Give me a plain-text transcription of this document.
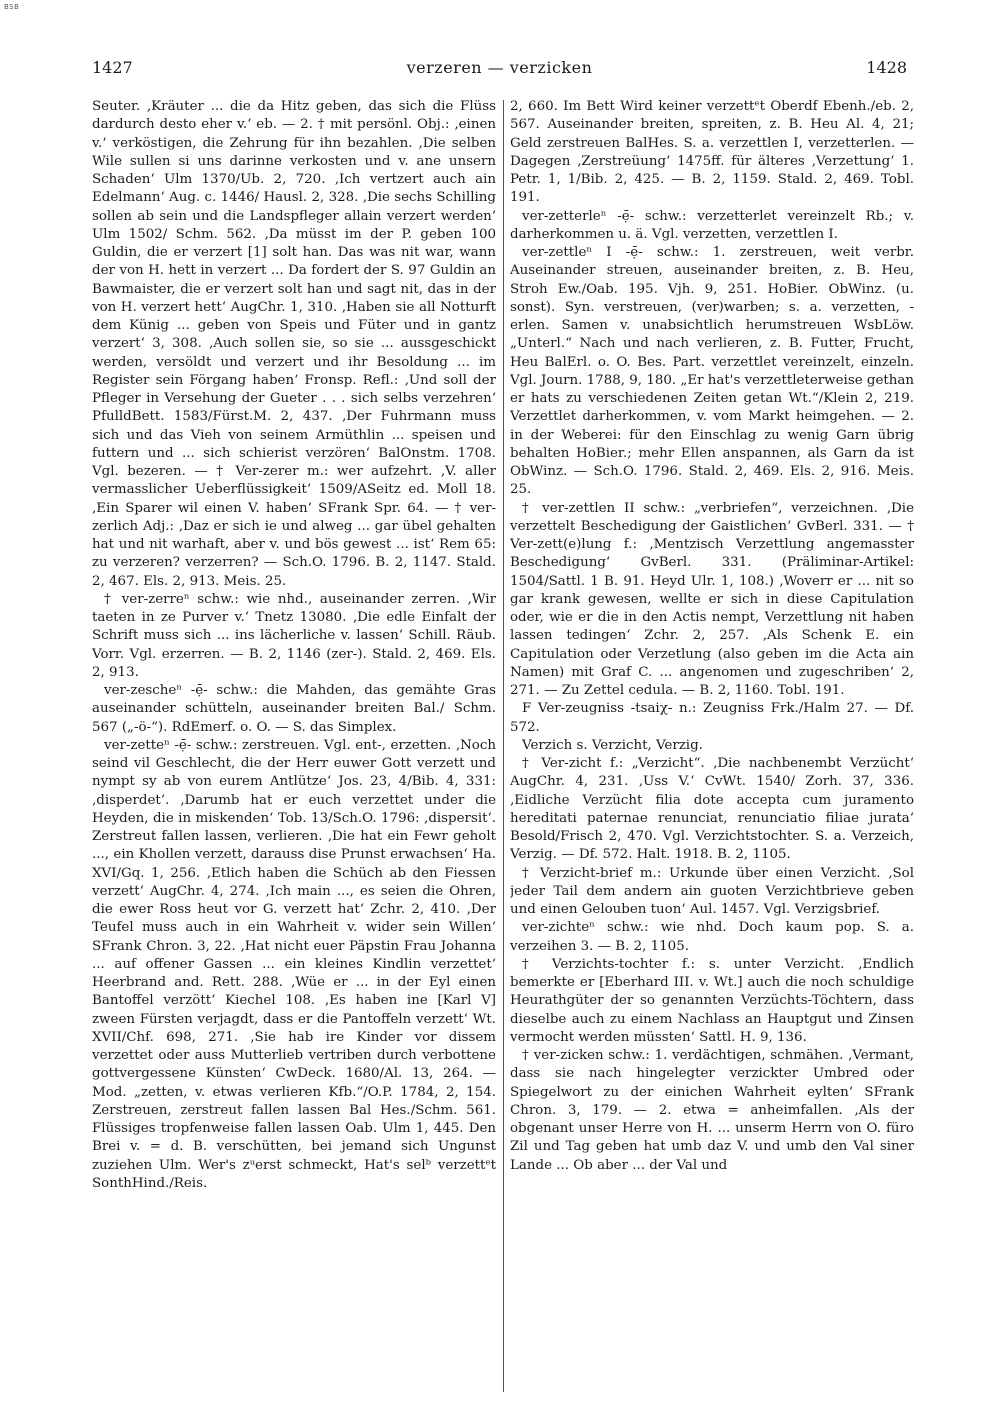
BSB
1427	verzeren — verzicken	1428

Seuter. ‚Kräuter ... die da Hitz geben, das sich die Flüss dardurch desto eher v.‘ eb. — 2. † mit persönl. Obj.: ‚einen v.‘ verköstigen, die Zehrung für ihn bezahlen. ‚Die selben Wile sullen si uns darinne verkosten und v. ane unsern Schaden‘ Ulm 1370/Ub. 2, 720. ‚Ich vertzert auch ain Edelmann‘ Aug. c. 1446/ Hausl. 2, 328. ‚Die sechs Schilling sollen ab sein und die Landspfleger allain verzert werden‘ Ulm 1502/ Schm. 562. ‚Da müsst im der P. geben 100 Guldin, die er verzert [1] solt han. Das was nit war, wann der von H. hett in verzert ... Da fordert der S. 97 Guldin an Bawmaister, die er verzert solt han und sagt nit, das in der von H. verzert hett‘ AugChr. 1, 310. ‚Haben sie all Notturft dem Künig ... geben von Speis und Füter und in gantz verzert‘ 3, 308. ‚Auch sollen sie, so sie ... aussgeschickt werden, versöldt und verzert und ihr Besoldung ... im Register sein Förgang haben‘ Fronsp. Refl.: ‚Und soll der Pfleger in Versehung der Gueter . . . sich selbs verzehren‘ PfulldBett. 1583/Fürst.M. 2, 437. ‚Der Fuhrmann muss sich und das Vieh von seinem Armüthlin ... speisen und futtern und ... sich schierist verzören‘ BalOnstm. 1708. Vgl. bezeren. — † Ver-zerer m.: wer aufzehrt. ‚V. aller vermasslicher Ueberflüssigkeit‘ 1509/ASeitz ed. Moll 18. ‚Ein Sparer wil einen V. haben‘ SFrank Spr. 64. — † ver-zerlich Adj.: ‚Daz er sich ie und alweg ... gar übel gehalten hat und nit warhaft, aber v. und bös gewest ... ist‘ Rem 65: zu verzeren? verzerren? — Sch.O. 1796. B. 2, 1147. Stald. 2, 467. Els. 2, 913. Meis. 25.

† ver-zerreⁿ schw.: wie nhd., auseinander zerren. ‚Wir taeten in ze Purver v.‘ Tnetz 13080. ‚Die edle Einfalt der Schrift muss sich ... ins lächerliche v. lassen‘ Schill. Räub. Vorr. Vgl. erzerren. — B. 2, 1146 (zer-). Stald. 2, 469. Els. 2, 913.

ver-zescheⁿ -ẹ̄- schw.: die Mahden, das gemähte Gras auseinander schütteln, auseinander breiten Bal./ Schm. 567 („-ö-“). RdEmerf. o. O. — S. das Simplex.

ver-zetteⁿ -ẹ̄- schw.: zerstreuen. Vgl. ent-, erzetten. ‚Noch seind vil Geschlecht, die der Herr euwer Gott verzett und nympt sy ab von eurem Antlütze‘ Jos. 23, 4/Bib. 4, 331: ‚disperdet‘. ‚Darumb hat er euch verzettet under die Heyden, die in miskenden‘ Tob. 13/Sch.O. 1796: ‚dispersit‘. Zerstreut fallen lassen, verlieren. ‚Die hat ein Fewr geholt ..., ein Khollen verzett, darauss dise Prunst erwachsen‘ Ha. XVI/Gq. 1, 256. ‚Etlich haben die Schüch ab den Fiessen verzett‘ AugChr. 4, 274. ‚Ich main ..., es seien die Ohren, die ewer Ross heut vor G. verzett hat‘ Zchr. 2, 410. ‚Der Teufel muss auch in ein Wahrheit v. wider sein Willen‘ SFrank Chron. 3, 22. ‚Hat nicht euer Päpstin Frau Johanna ... auf offener Gassen ... ein kleines Kindlin verzettet‘ Heerbrand and. Rett. 288. ‚Wüe er ... in der Eyl einen Bantoffel verzött‘ Kiechel 108. ‚Es haben ine [Karl V] zween Fürsten verjagdt, dass er die Pantoffeln verzett‘ Wt. XVII/Chf. 698, 271. ‚Sie hab ire Kinder vor dissem verzettet oder auss Mutterlieb vertriben durch verbottene gottvergessene Künsten‘ CwDeck. 1680/Al. 13, 264. — Mod. „zetten, v. etwas verlieren Kfb.“/O.P. 1784, 2, 154. Zerstreuen, zerstreut fallen lassen Bal Hes./Schm. 561. Flüssiges tropfenweise fallen lassen Oab. Ulm 1, 445. Den Brei v. = d. B. verschütten, bei jemand sich Ungunst zuziehen Ulm. Wer's zᵘerst schmeckt, Hat's selᵇ verzettᵉt SonthHind./Reis.

2, 660. Im Bett Wird keiner verzettᵉt Oberdf Ebenh./eb. 2, 567. Auseinander breiten, spreiten, z. B. Heu Al. 4, 21; Geld zerstreuen BalHes. S. a. verzettlen I, verzetterlen. — Dagegen ‚Zerstreüung‘ 1475ff. für älteres ‚Verzettung‘ 1. Petr. 1, 1/Bib. 2, 425. — B. 2, 1159. Stald. 2, 469. Tobl. 191.

ver-zetterleⁿ -ẹ̄- schw.: verzetterlet vereinzelt Rb.; v. darherkommen u. ä. Vgl. verzetten, verzettlen I.

ver-zettleⁿ I -ẹ̄- schw.: 1. zerstreuen, weit verbr. Auseinander streuen, auseinander breiten, z. B. Heu, Stroh Ew./Oab. 195. Vjh. 9, 251. HoBier. ObWinz. (u. sonst). Syn. verstreuen, (ver)warben; s. a. verzetten, -erlen. Samen v. unabsichtlich herumstreuen WsbLöw. „Unterl.“ Nach und nach verlieren, z. B. Futter, Frucht, Heu BalErl. o. O. Bes. Part. verzettlet vereinzelt, einzeln. Vgl. Journ. 1788, 9, 180. „Er hat's verzettleterweise gethan er hats zu verschiedenen Zeiten getan Wt.“/Klein 2, 219. Verzettlet darherkommen, v. vom Markt heimgehen. — 2. in der Weberei: für den Einschlag zu wenig Garn übrig behalten HoBier.; mehr Ellen anspannen, als Garn da ist ObWinz. — Sch.O. 1796. Stald. 2, 469. Els. 2, 916. Meis. 25.

† ver-zettlen II schw.: „verbriefen“, verzeichnen. ‚Die verzettelt Beschedigung der Gaistlichen‘ GvBerl. 331. — † Ver-zett(e)lung f.: ‚Mentzisch Verzettlung angemasster Beschedigung‘ GvBerl. 331. (Präliminar-Artikel: 1504/Sattl. 1 B. 91. Heyd Ulr. 1, 108.) ‚Woverr er ... nit so gar krank gewesen, wellte er sich in diese Capitulation oder, wie er die in den Actis nempt, Verzettlung nit haben lassen tedingen‘ Zchr. 2, 257. ‚Als Schenk E. ein Capitulation oder Verzetlung (also geben im die Acta ain Namen) mit Graf C. ... angenomen und zugeschriben‘ 2, 271. — Zu Zettel cedula. — B. 2, 1160. Tobl. 191.

F Ver-zeugniss -tsaiχ- n.: Zeugniss Frk./Halm 27. — Df. 572.

Verzich s. Verzicht, Verzig.

† Ver-zicht f.: „Verzicht“. ‚Die nachbenembt Verzücht‘ AugChr. 4, 231. ‚Uss V.‘ CvWt. 1540/ Zorh. 37, 336. ‚Eidliche Verzücht filia dote accepta cum juramento hereditati paternae renunciat, renunciatio filiae jurata‘ Besold/Frisch 2, 470. Vgl. Verzichtstochter. S. a. Verzeich, Verzig. — Df. 572. Halt. 1918. B. 2, 1105.

† Verzicht-brief m.: Urkunde über einen Verzicht. ‚Sol jeder Tail dem andern ain guoten Verzichtbrieve geben und einen Gelouben tuon‘ Aul. 1457. Vgl. Verzigsbrief.

ver-zichteⁿ schw.: wie nhd. Doch kaum pop. S. a. verzeihen 3. — B. 2, 1105.

† Verzichts-tochter f.: s. unter Verzicht. ‚Endlich bemerkte er [Eberhard III. v. Wt.] auch die noch schuldige Heurathgüter der so genannten Verzüchts-Töchtern, dass dieselbe auch zu einem Nachlass an Hauptgut und Zinsen vermocht werden müssten‘ Sattl. H. 9, 136.

† ver-zicken schw.: 1. verdächtigen, schmähen. ‚Vermant, dass sie nach hingelegter verzickter Umbred oder Spiegelwort zu der einichen Wahrheit eylten‘ SFrank Chron. 3, 179. — 2. etwa = anheimfallen. ‚Als der obgenant unser Herre von H. ... unserm Herrn von O. füro Zil und Tag geben hat umb daz V. und umb den Val siner Lande ... Ob aber ... der Val und
